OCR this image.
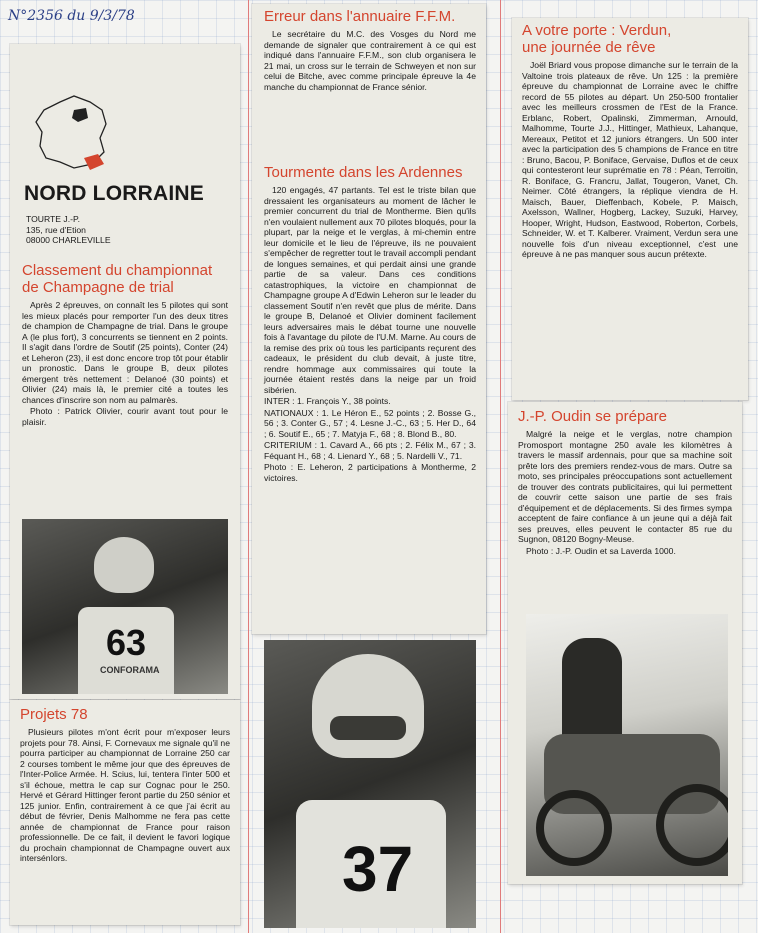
N°2356 du 9/3/78
NORD LORRAINE
TOURTE J.-P.
135, rue d'Etion
08000 CHARLEVILLE
Classement du championnat de Champagne de trial

Après 2 épreuves, on connaît les 5 pilotes qui sont les mieux placés pour remporter l'un des deux titres de champion de Champagne de trial. Dans le groupe A (le plus fort), 3 concurrents se tiennent en 2 points. Il s'agit dans l'ordre de Soutif (25 points), Conter (24) et Leheron (23), il est donc encore trop tôt pour établir un pronostic. Dans le groupe B, deux pilotes émergent très nettement : Delanoé (30 points) et Olivier (24) mais là, le premier cité a toutes les chances d'inscrire son nom au palmarès.

Photo : Patrick Olivier, courir avant tout pour le plaisir.

63
CONFORAMA
Projets 78

Plusieurs pilotes m'ont écrit pour m'exposer leurs projets pour 78. Ainsi, F. Cornevaux me signale qu'il ne pourra participer au championnat de Lorraine 250 car 2 courses tombent le même jour que des épreuves de l'Inter-Police Armée. H. Scius, lui, tentera l'inter 500 et s'il échoue, mettra le cap sur Cognac pour le 250. Hervé et Gérard Hittinger feront partie du 250 sénior et 125 junior. Enfin, contrairement à ce que j'ai écrit au début de février, Denis Malhomme ne fera pas cette année de championnat de France pour raison professionnelle. De ce fait, il devient le favori logique du prochain championnat de Champagne ouvert aux intersénIors.

Erreur dans l'annuaire F.F.M.

Le secrétaire du M.C. des Vosges du Nord me demande de signaler que contrairement à ce qui est indiqué dans l'annuaire F.F.M., son club organisera le 21 mai, un cross sur le terrain de Schweyen et non sur celui de Bitche, avec comme principale épreuve la 4e manche du championnat de France sénior.

Tourmente dans les Ardennes

120 engagés, 47 partants. Tel est le triste bilan que dressaient les organisateurs au moment de lâcher le premier concurrent du trial de Montherme. Bien qu'ils n'en voulaient nullement aux 70 pilotes bloqués, pour la plupart, par la neige et le verglas, à mi-chemin entre leur domicile et le lieu de l'épreuve, ils ne pouvaient s'empêcher de regretter tout le travail accompli pendant de longues semaines, et qui perdait ainsi une grande partie de sa valeur. Dans ces conditions catastrophiques, la victoire en championnat de Champagne groupe A d'Edwin Leheron sur le leader du classement Soutif n'en revêt que plus de mérite. Dans le groupe B, Delanoé et Olivier dominent facilement leurs adversaires mais le débat tourne une nouvelle fois à l'avantage du pilote de l'U.M. Marne. Au cours de la remise des prix où tous les participants reçurent des cadeaux, le président du club devait, à juste titre, rendre hommage aux commissaires qui toute la journée étaient restés dans la neige par un froid sibérien.

INTER : 1. François Y., 38 points.

NATIONAUX : 1. Le Héron E., 52 points ; 2. Bosse G., 56 ; 3. Conter G., 57 ; 4. Lesne J.-C., 63 ; 5. Her D., 64 ; 6. Soutif E., 65 ; 7. Matyja F., 68 ; 8. Blond B., 80.

CRITERIUM : 1. Cavard A., 66 pts ; 2. Félix M., 67 ; 3. Féquant H., 68 ; 4. Lienard Y., 68 ; 5. Nardelli V., 71.

Photo : E. Leheron, 2 participations à Montherme, 2 victoires.

37
A votre porte : Verdun, une journée de rêve

Joël Briard vous propose dimanche sur le terrain de la Valtoine trois plateaux de rêve. Un 125 : la première épreuve du championnat de Lorraine avec le chiffre record de 55 pilotes au départ. Un 250-500 frontalier avec les meilleurs crossmen de l'Est de la France. Erblanc, Robert, Opalinski, Zimmerman, Arnould, Malhomme, Tourte J.J., Hittinger, Mathieux, Lahanque, Mereaux, Petitot et 12 juniors étrangers. Un 500 inter avec la participation des 5 champions de France en titre : Bruno, Bacou, P. Boniface, Gervaise, Duflos et de ceux qui contesteront leur suprématie en 78 : Péan, Terroitin, R. Boniface, G. Francru, Jallat, Tougeron, Vanet, Ch. Neimer. Côté étrangers, la réplique viendra de H. Maisch, Bauer, Dieffenbach, Kobele, P. Maisch, Axelsson, Wallner, Hogberg, Lackey, Suzuki, Harvey, Hooper, Wright, Hudson, Eastwood, Roberton, Corbels, Schneider, W. et T. Kalberer. Vraiment, Verdun sera une nouvelle fois d'un niveau exceptionnel, c'est une épreuve à ne pas manquer sous aucun prétexte.

J.-P. Oudin se prépare

Malgré la neige et le verglas, notre champion Promosport montagne 250 avale les kilomètres à travers le massif ardennais, pour que sa machine soit prête lors des premiers rendez-vous de mars. Outre sa moto, ses principales préoccupations sont actuellement de trouver des contrats publicitaires, qui lui permettent de couvrir cette saison une partie de ses frais d'équipement et de déplacements. Si des firmes sympa acceptent de faire confiance à un jeune qui a déjà fait ses preuves, elles peuvent le contacter 85 rue du Sugnon, 08120 Bogny-Meuse.

Photo : J.-P. Oudin et sa Laverda 1000.
